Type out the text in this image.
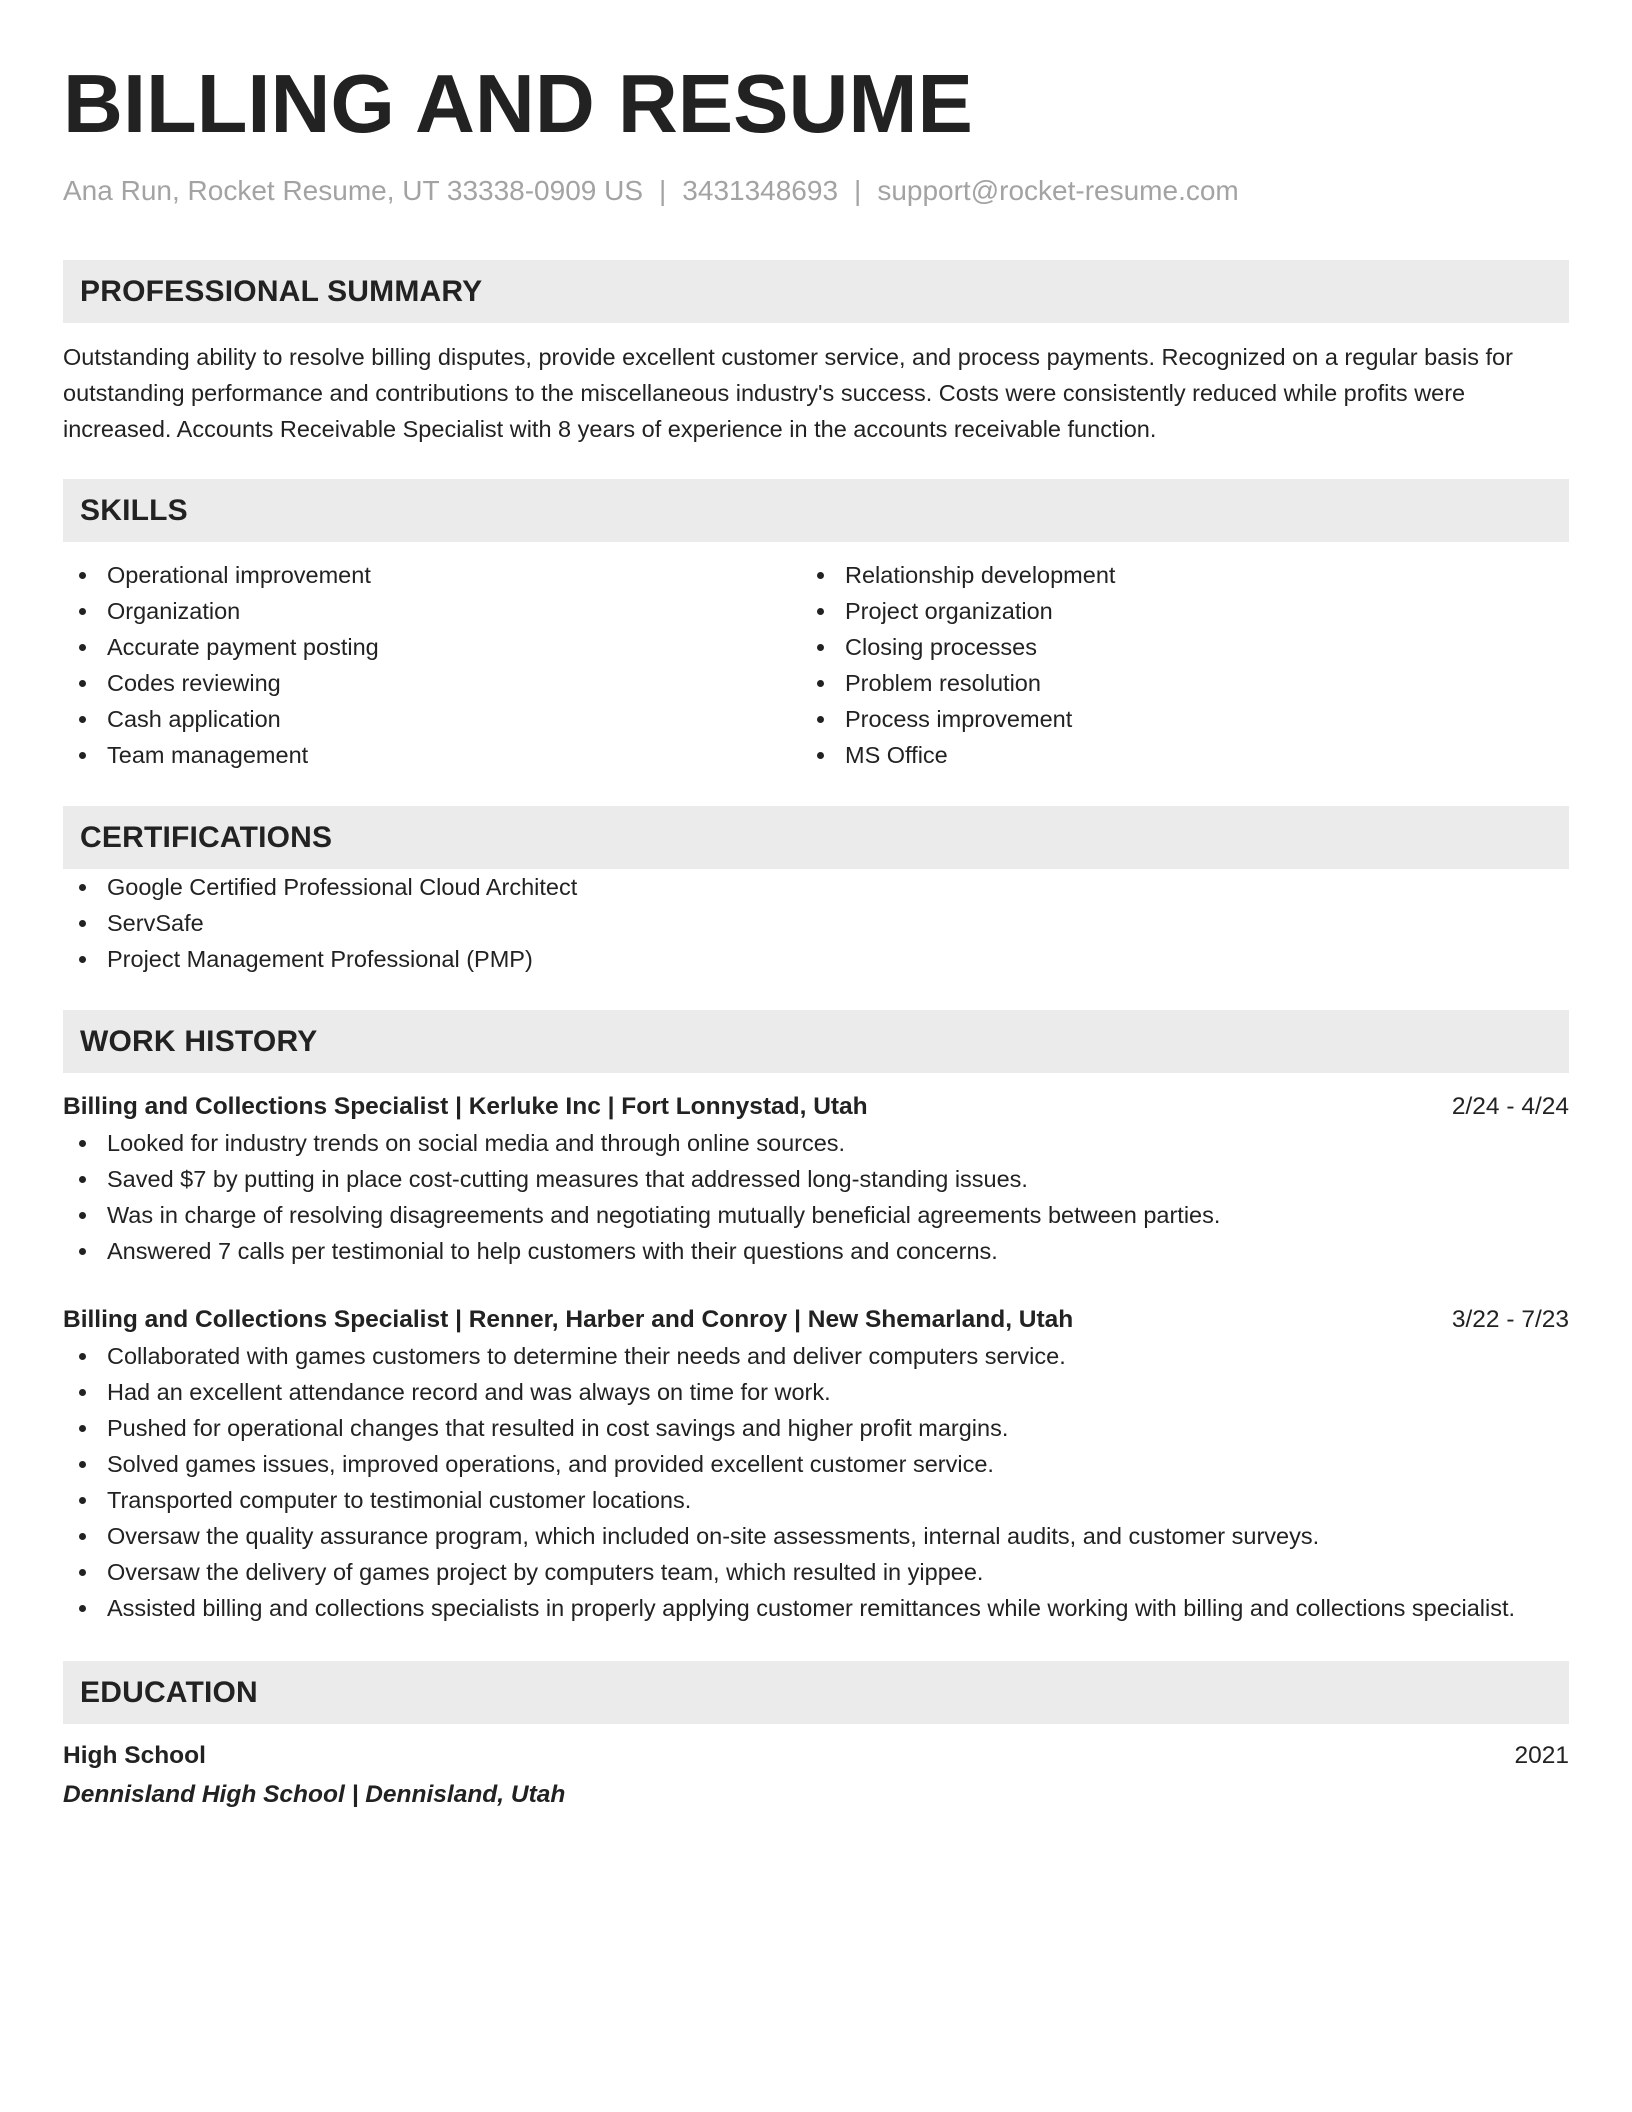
BILLING AND RESUME
Ana Run, Rocket Resume, UT 33338-0909 US | 3431348693 | support@rocket-resume.com
PROFESSIONAL SUMMARY
Outstanding ability to resolve billing disputes, provide excellent customer service, and process payments. Recognized on a regular basis for outstanding performance and contributions to the miscellaneous industry's success. Costs were consistently reduced while profits were increased. Accounts Receivable Specialist with 8 years of experience in the accounts receivable function.
SKILLS
Operational improvement
Organization
Accurate payment posting
Codes reviewing
Cash application
Team management
Relationship development
Project organization
Closing processes
Problem resolution
Process improvement
MS Office
CERTIFICATIONS
Google Certified Professional Cloud Architect
ServSafe
Project Management Professional (PMP)
WORK HISTORY
Billing and Collections Specialist | Kerluke Inc | Fort Lonnystad, Utah	2/24 - 4/24
Looked for industry trends on social media and through online sources.
Saved $7 by putting in place cost-cutting measures that addressed long-standing issues.
Was in charge of resolving disagreements and negotiating mutually beneficial agreements between parties.
Answered 7 calls per testimonial to help customers with their questions and concerns.
Billing and Collections Specialist | Renner, Harber and Conroy | New Shemarland, Utah	3/22 - 7/23
Collaborated with games customers to determine their needs and deliver computers service.
Had an excellent attendance record and was always on time for work.
Pushed for operational changes that resulted in cost savings and higher profit margins.
Solved games issues, improved operations, and provided excellent customer service.
Transported computer to testimonial customer locations.
Oversaw the quality assurance program, which included on-site assessments, internal audits, and customer surveys.
Oversaw the delivery of games project by computers team, which resulted in yippee.
Assisted billing and collections specialists in properly applying customer remittances while working with billing and collections specialist.
EDUCATION
High School	2021
Dennisland High School | Dennisland, Utah
